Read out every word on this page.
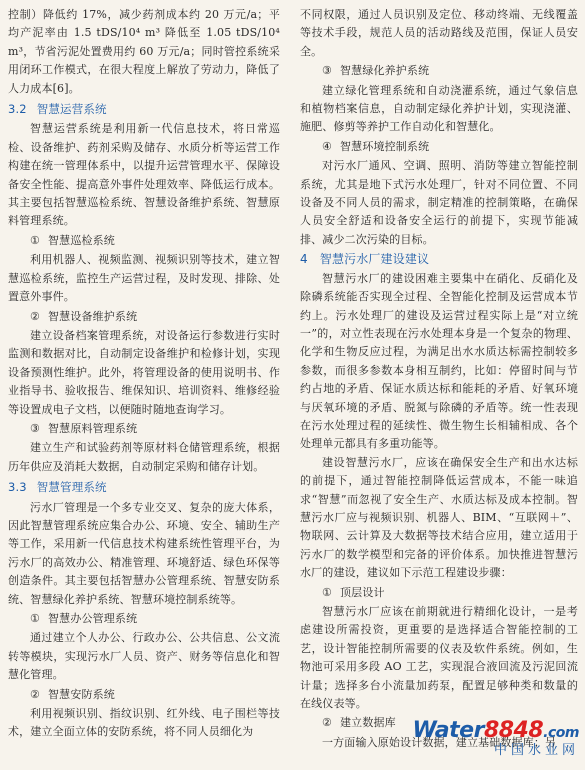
控制）降低约 17%，减少药剂成本约 20 万元/a；平均产泥率由 1.5 tDS/10⁴ m³ 降低至 1.05 tDS/10⁴ m³，节省污泥处置费用约 60 万元/a；同时管控系统采用闭环工作模式，在很大程度上解放了劳动力，降低了人力成本[6]。

3.2 智慧运营系统

智慧运营系统是利用新一代信息技术，将日常巡检、设备维护、药剂采购及储存、水质分析等运营工作构建在统一管理体系中，以提升运营管理水平、保障设备安全性能、提高意外事件处理效率、降低运行成本。其主要包括智慧巡检系统、智慧设备维护系统、智慧原料管理系统。

① 智慧巡检系统

利用机器人、视频监测、视频识别等技术，建立智慧巡检系统，监控生产运营过程，及时发现、排除、处置意外事件。

② 智慧设备维护系统

建立设备档案管理系统，对设备运行参数进行实时监测和数据对比，自动制定设备维护和检修计划，实现设备预测性维护。此外，将管理设备的使用说明书、作业指导书、验收报告、维保知识、培训资料、维修经验等设置成电子文档，以便随时随地查询学习。

③ 智慧原料管理系统

建立生产和试验药剂等原材料仓储管理系统，根据历年供应及消耗大数据，自动制定采购和储存计划。

3.3 智慧管理系统

污水厂管理是一个多专业交叉、复杂的庞大体系，因此智慧管理系统应集合办公、环境、安全、辅助生产等工作，采用新一代信息技术构建系统性管理平台，为污水厂的高效办公、精准管理、环境舒适、绿色环保等创造条件。其主要包括智慧办公管理系统、智慧安防系统、智慧绿化养护系统、智慧环境控制系统等。

① 智慧办公管理系统

通过建立个人办公、行政办公、公共信息、公文流转等模块，实现污水厂人员、资产、财务等信息化和智慧化管理。

② 智慧安防系统

利用视频识别、指纹识别、红外线、电子围栏等技术，建立全面立体的安防系统，将不同人员细化为

不同权限，通过人员识别及定位、移动终端、无线覆盖等技术手段，规范人员的活动路线及范围，保证人员安全。

③ 智慧绿化养护系统

建立绿化管理系统和自动浇灌系统，通过气象信息和植物档案信息，自动制定绿化养护计划，实现浇灌、施肥、修剪等养护工作自动化和智慧化。

④ 智慧环境控制系统

对污水厂通风、空调、照明、消防等建立智能控制系统，尤其是地下式污水处理厂，针对不同位置、不同设备及不同人员的需求，制定精准的控制策略，在确保人员安全舒适和设备安全运行的前提下，实现节能减排、减少二次污染的目标。

4 智慧污水厂建设建议

智慧污水厂的建设困难主要集中在硝化、反硝化及除磷系统能否实现全过程、全智能化控制及运营成本节约上。污水处理厂的建设及运营过程实际上是“对立统一”的，对立性表现在污水处理本身是一个复杂的物理、化学和生物反应过程，为满足出水水质达标需控制较多参数，而很多参数本身相互制约，比如：停留时间与节约占地的矛盾、保证水质达标和能耗的矛盾、好氧环境与厌氧环境的矛盾、脱氮与除磷的矛盾等。统一性表现在污水处理过程的延续性、微生物生长相辅相成、各个处理单元都具有多重功能等。

建设智慧污水厂，应该在确保安全生产和出水达标的前提下，通过智能控制降低运营成本，不能一味追求“智慧”而忽视了安全生产、水质达标及成本控制。智慧污水厂应与视频识别、机器人、BIM、“互联网＋”、物联网、云计算及大数据等技术结合应用，建立适用于污水厂的数学模型和完备的评价体系。加快推进智慧污水厂的建设，建议如下示范工程建设步骤：

① 顶层设计

智慧污水厂应该在前期就进行精细化设计，一是考虑建设所需投资，更重要的是选择适合智能控制的工艺，设计智能控制所需要的仪表及软件系统。例如，生物池可采用多段 AO 工艺，实现混合液回流及污泥回流计量；选择多台小流量加药泵，配置足够种类和数量的在线仪表等。

② 建立数据库

一方面输入原始设计数据，建立基础数据库；另

Water8848.com
中国水业网
